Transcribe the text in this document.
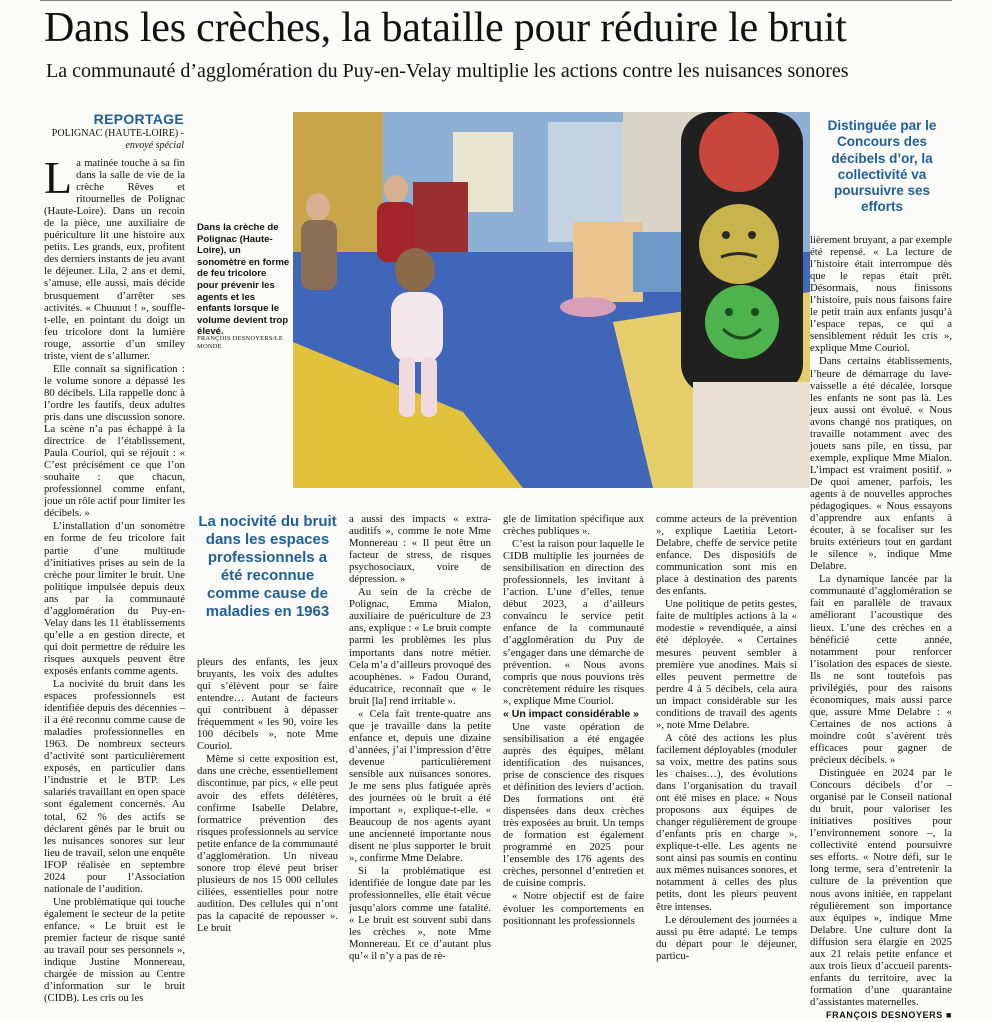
Dans les crèches, la bataille pour réduire le bruit
La communauté d’agglomération du Puy-en-Velay multiplie les actions contre les nuisances sonores
REPORTAGE
POLIGNAC (HAUTE-LOIRE) -
envoyé spécial

La matinée touche à sa fin dans la salle de vie de la crèche Rêves et ritournelles de Polignac (Haute-Loire). Dans un recoin de la pièce, une auxiliaire de puériculture lit une histoire aux petits. Les grands, eux, profitent des derniers instants de jeu avant le déjeuner. Lila, 2 ans et demi, s’amuse, elle aussi, mais décide brusquement d’arrêter ses activités. « Chuuuut ! », souffle-t-elle, en pointant du doigt un feu tricolore dont la lumière rouge, assortie d’un smiley triste, vient de s’allumer.

Elle connaît sa signification : le volume sonore a dépassé les 80 décibels. Lila rappelle donc à l’ordre les fautifs, deux adultes pris dans une discussion sonore. La scène n’a pas échappé à la directrice de l’établissement, Paula Couriol, qui se réjouit : « C’est précisément ce que l’on souhaite : que chacun, professionnel comme enfant, joue un rôle actif pour limiter les décibels. »

L’installation d’un sonomètre en forme de feu tricolore fait partie d’une multitude d’initiatives prises au sein de la crèche pour limiter le bruit. Une politique impulsée depuis deux ans par la communauté d’agglomération du Puy-en-Velay dans les 11 établissements qu’elle a en gestion directe, et qui doit permettre de réduire les risques auxquels peuvent être exposés enfants comme agents.

La nocivité du bruit dans les espaces professionnels est identifiée depuis des décennies – il a été reconnu comme cause de maladies professionnelles en 1963. De nombreux secteurs d’activité sont particulièrement exposés, en particulier dans l’industrie et le BTP. Les salariés travaillant en open space sont également concernés. Au total, 62 % des actifs se déclarent gênés par le bruit ou les nuisances sonores sur leur lieu de travail, selon une enquête IFOP réalisée en septembre 2024 pour l’Association nationale de l’audition.

Une problématique qui touche également le secteur de la petite enfance. « Le bruit est le premier facteur de risque santé au travail pour ses personnels », indique Justine Monnereau, chargée de mission au Centre d’information sur le bruit (CIDB). Les cris ou les

Dans la crèche de Polignac (Haute-Loire), un sonomètre en forme de feu tricolore pour prévenir les agents et les enfants lorsque le volume devient trop élevé.
FRANÇOIS DESNOYERS/LE MONDE
La nocivité du bruit dans les espaces professionnels a été reconnue comme cause de maladies en 1963
Distinguée par le Concours des décibels d’or, la collectivité va poursuivre ses efforts

pleurs des enfants, les jeux bruyants, les voix des adultes qui s’élèvent pour se faire entendre… Autant de facteurs qui contribuent à dépasser fréquemment « les 90, voire les 100 décibels », note Mme Couriol.

Même si cette exposition est, dans une crèche, essentiellement discontinue, par pics, « elle peut avoir des effets délétères, confirme Isabelle Delabre, formatrice prévention des risques professionnels au service petite enfance de la communauté d’agglomération. Un niveau sonore trop élevé peut briser plusieurs de nos 15 000 cellules ciliées, essentielles pour notre audition. Des cellules qui n’ont pas la capacité de repousser ». Le bruit

a aussi des impacts « extra-auditifs », comme le note Mme Monnereau : « Il peut être un facteur de stress, de risques psychosociaux, voire de dépression. »

Au sein de la crèche de Polignac, Emma Mialon, auxiliaire de puériculture de 23 ans, explique : « Le bruit compte parmi les problèmes les plus importants dans notre métier. Cela m’a d’ailleurs provoqué des acouphènes. » Fadou Ourand, éducatrice, reconnaît que « le bruit [la] rend irritable ».

« Cela fait trente-quatre ans que je travaille dans la petite enfance et, depuis une dizaine d’années, j’ai l’impression d’être devenue particulièrement sensible aux nuisances sonores. Je me sens plus fatiguée après des journées où le bruit a été important », explique-t-elle. « Beaucoup de nos agents ayant une ancienneté importante nous disent ne plus supporter le bruit », confirme Mme Delabre.

Si la problématique est identifiée de longue date par les professionnelles, elle était vécue jusqu’alors comme une fatalité. « Le bruit est souvent subi dans les crèches », note Mme Monnereau. Et ce d’autant plus qu’« il n’y a pas de rè-

gle de limitation spécifique aux crèches publiques ».

C’est la raison pour laquelle le CIDB multiplie les journées de sensibilisation en direction des professionnels, les invitant à l’action. L’une d’elles, tenue début 2023, a d’ailleurs convaincu le service petit enfance de la communauté d’agglomération du Puy de s’engager dans une démarche de prévention. « Nous avons compris que nous pouvions très concrètement réduire les risques », explique Mme Couriol.

« Un impact considérable »

Une vaste opération de sensibilisation a été engagée auprès des équipes, mêlant identification des nuisances, prise de conscience des risques et définition des leviers d’action. Des formations ont été dispensées dans deux crèches très exposées au bruit. Un temps de formation est également programmé en 2025 pour l’ensemble des 176 agents des crèches, personnel d’entretien et de cuisine compris.

« Notre objectif est de faire évoluer les comportements en positionnant les professionnels

comme acteurs de la prévention », explique Laetitia Letort-Delabre, cheffe de service petite enfance. Des dispositifs de communication sont mis en place à destination des parents des enfants.

Une politique de petits gestes, faite de multiples actions à la « modestie » revendiquée, a ainsi été déployée. « Certaines mesures peuvent sembler à première vue anodines. Mais si elles peuvent permettre de perdre 4 à 5 décibels, cela aura un impact considérable sur les conditions de travail des agents », note Mme Delabre.

A côté des actions les plus facilement déployables (moduler sa voix, mettre des patins sous les chaises…), des évolutions dans l’organisation du travail ont été mises en place. « Nous proposons aux équipes de changer régulièrement de groupe d’enfants pris en charge », explique-t-elle. Les agents ne sont ainsi pas soumis en continu aux mêmes nuisances sonores, et notamment à celles des plus petits, dont les pleurs peuvent être intenses.

Le déroulement des journées a aussi pu être adapté. Le temps du départ pour le déjeuner, particu-

lièrement bruyant, a par exemple été repensé. « La lecture de l’histoire était interrompue dès que le repas était prêt. Désormais, nous finissons l’histoire, puis nous faisons faire le petit train aux enfants jusqu’à l’espace repas, ce qui a sensiblement réduit les cris », explique Mme Couriol.

Dans certains établissements, l’heure de démarrage du lave-vaisselle a été décalée, lorsque les enfants ne sont pas là. Les jeux aussi ont évolué. « Nous avons changé nos pratiques, on travaille notamment avec des jouets sans pile, en tissu, par exemple, explique Mme Mialon. L’impact est vraiment positif. » De quoi amener, parfois, les agents à de nouvelles approches pédagogiques. « Nous essayons d’apprendre aux enfants à écouter, à se focaliser sur les bruits extérieurs tout en gardant le silence », indique Mme Delabre.

La dynamique lancée par la communauté d’agglomération se fait en parallèle de travaux améliorant l’acoustique des lieux. L’une des crèches en a bénéficié cette année, notamment pour renforcer l’isolation des espaces de sieste. Ils ne sont toutefois pas privilégiés, pour des raisons économiques, mais aussi parce que, assure Mme Delabre : « Certaines de nos actions à moindre coût s’avèrent très efficaces pour gagner de précieux décibels. »

Distinguée en 2024 par le Concours décibels d’or – organisé par le Conseil national du bruit, pour valoriser les initiatives positives pour l’environnement sonore –, la collectivité entend poursuivre ses efforts. « Notre défi, sur le long terme, sera d’entretenir la culture de la prévention que nous avons initiée, en rappelant régulièrement son importance aux équipes », indique Mme Delabre. Une culture dont la diffusion sera élargie en 2025 aux 21 relais petite enfance et aux trois lieux d’accueil parents-enfants du territoire, avec la formation d’une quarantaine d’assistantes maternelles.

FRANÇOIS DESNOYERS ■
